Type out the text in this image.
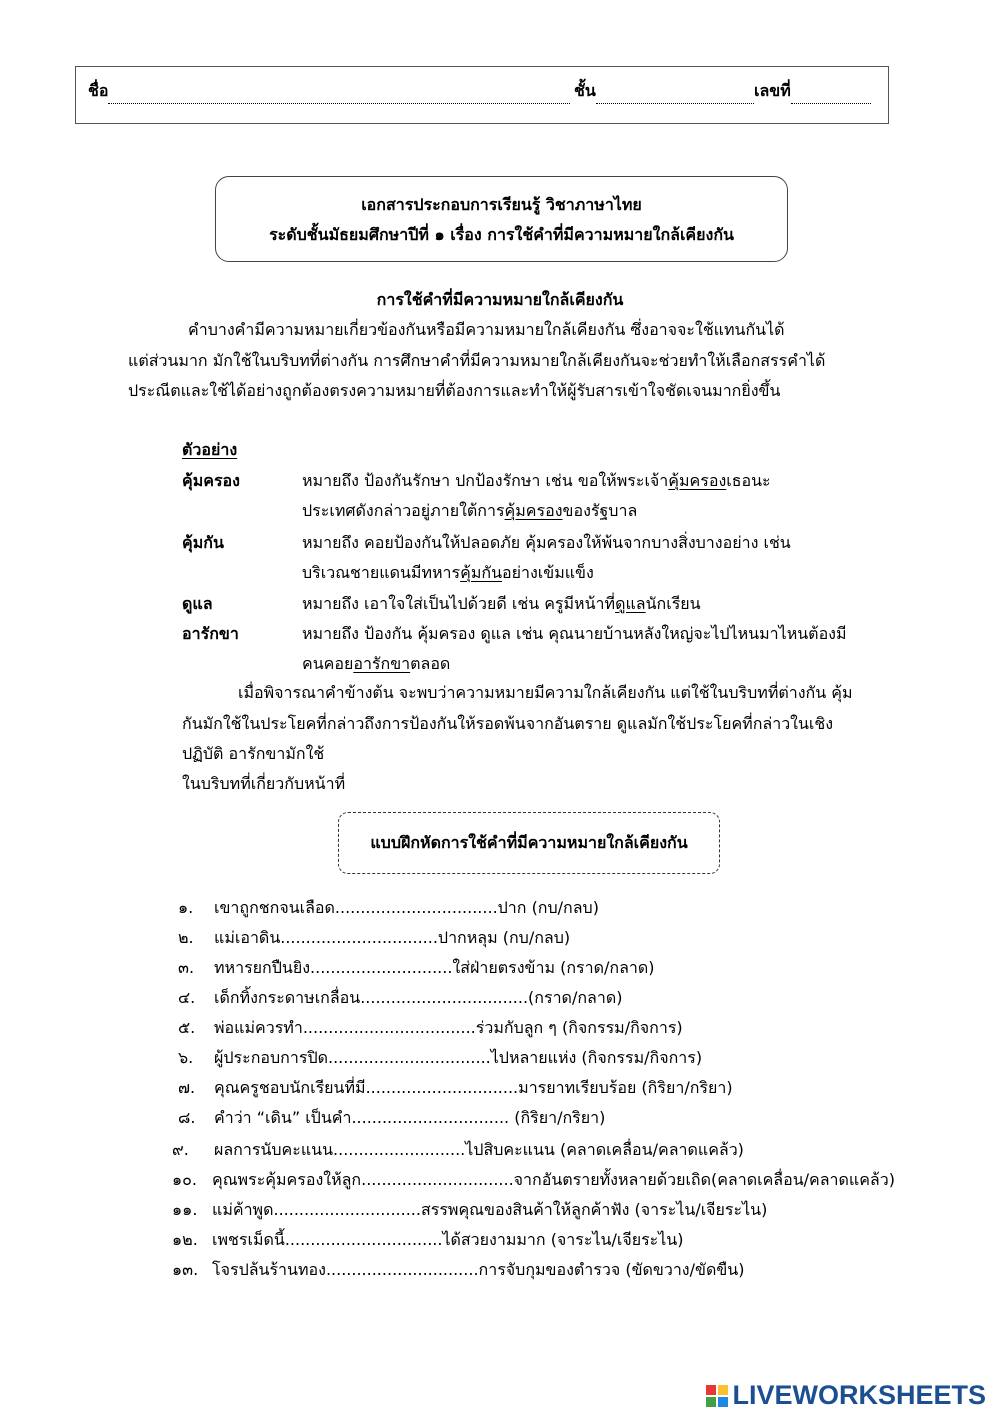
ชื่อ	ชั้น	เลขที่
เอกสารประกอบการเรียนรู้ วิชาภาษาไทย
ระดับชั้นมัธยมศึกษาปีที่ ๑ เรื่อง การใช้คำที่มีความหมายใกล้เคียงกัน
การใช้คำที่มีความหมายใกล้เคียงกัน
คำบางคำมีความหมายเกี่ยวข้องกันหรือมีความหมายใกล้เคียงกัน ซึ่งอาจจะใช้แทนกันได้
แต่ส่วนมาก มักใช้ในบริบทที่ต่างกัน การศึกษาคำที่มีความหมายใกล้เคียงกันจะช่วยทำให้เลือกสรรคำได้
ประณีตและใช้ได้อย่างถูกต้องตรงความหมายที่ต้องการและทำให้ผู้รับสารเข้าใจชัดเจนมากยิ่งขึ้น
ตัวอย่าง
คุ้มครอง	หมายถึง ป้องกันรักษา ปกป้องรักษา เช่น ขอให้พระเจ้าคุ้มครองเธอนะ
ประเทศดังกล่าวอยู่ภายใต้การคุ้มครองของรัฐบาล
คุ้มกัน	หมายถึง คอยป้องกันให้ปลอดภัย คุ้มครองให้พ้นจากบางสิ่งบางอย่าง เช่น
บริเวณชายแดนมีทหารคุ้มกันอย่างเข้มแข็ง
ดูแล	หมายถึง เอาใจใส่เป็นไปด้วยดี เช่น ครูมีหน้าที่ดูแลนักเรียน
อารักขา	หมายถึง ป้องกัน คุ้มครอง ดูแล เช่น คุณนายบ้านหลังใหญ่จะไปไหนมาไหนต้องมี
คนคอยอารักขาตลอด
เมื่อพิจารณาคำข้างต้น จะพบว่าความหมายมีความใกล้เคียงกัน แต่ใช้ในบริบทที่ต่างกัน คุ้ม
กันมักใช้ในประโยคที่กล่าวถึงการป้องกันให้รอดพ้นจากอันตราย ดูแลมักใช้ประโยคที่กล่าวในเชิง
ปฏิบัติ อารักขามักใช้
ในบริบทที่เกี่ยวกับหน้าที่
แบบฝึกหัดการใช้คำที่มีความหมายใกล้เคียงกัน
๑.	เขาถูกชกจนเลือด................................ปาก (กบ/กลบ)
๒.	แม่เอาดิน...............................ปากหลุม (กบ/กลบ)
๓.	ทหารยกปืนยิง............................ใส่ฝ่ายตรงข้าม (กราด/กลาด)
๔.	เด็กทิ้งกระดาษเกลื่อน.................................(กราด/กลาด)
๕.	พ่อแม่ควรทำ..................................ร่วมกับลูก ๆ (กิจกรรม/กิจการ)
๖.	ผู้ประกอบการปิด................................ไปหลายแห่ง (กิจกรรม/กิจการ)
๗.	คุณครูชอบนักเรียนที่มี..............................มารยาทเรียบร้อย (กิริยา/กริยา)
๘.	คำว่า “เดิน” เป็นคำ............................... (กิริยา/กริยา)
๙.	ผลการนับคะแนน..........................ไปสิบคะแนน (คลาดเคลื่อน/คลาดแคล้ว)
๑๐. คุณพระคุ้มครองให้ลูก..............................จากอันตรายทั้งหลายด้วยเถิด(คลาดเคลื่อน/คลาดแคล้ว)
๑๑. แม่ค้าพูด.............................สรรพคุณของสินค้าให้ลูกค้าฟัง (จาระไน/เจียระไน)
๑๒. เพชรเม็ดนี้...............................ได้สวยงามมาก (จาระไน/เจียระไน)
๑๓. โจรปล้นร้านทอง..............................การจับกุมของตำรวจ (ขัดขวาง/ขัดขืน)
LIVEWORKSHEETS
